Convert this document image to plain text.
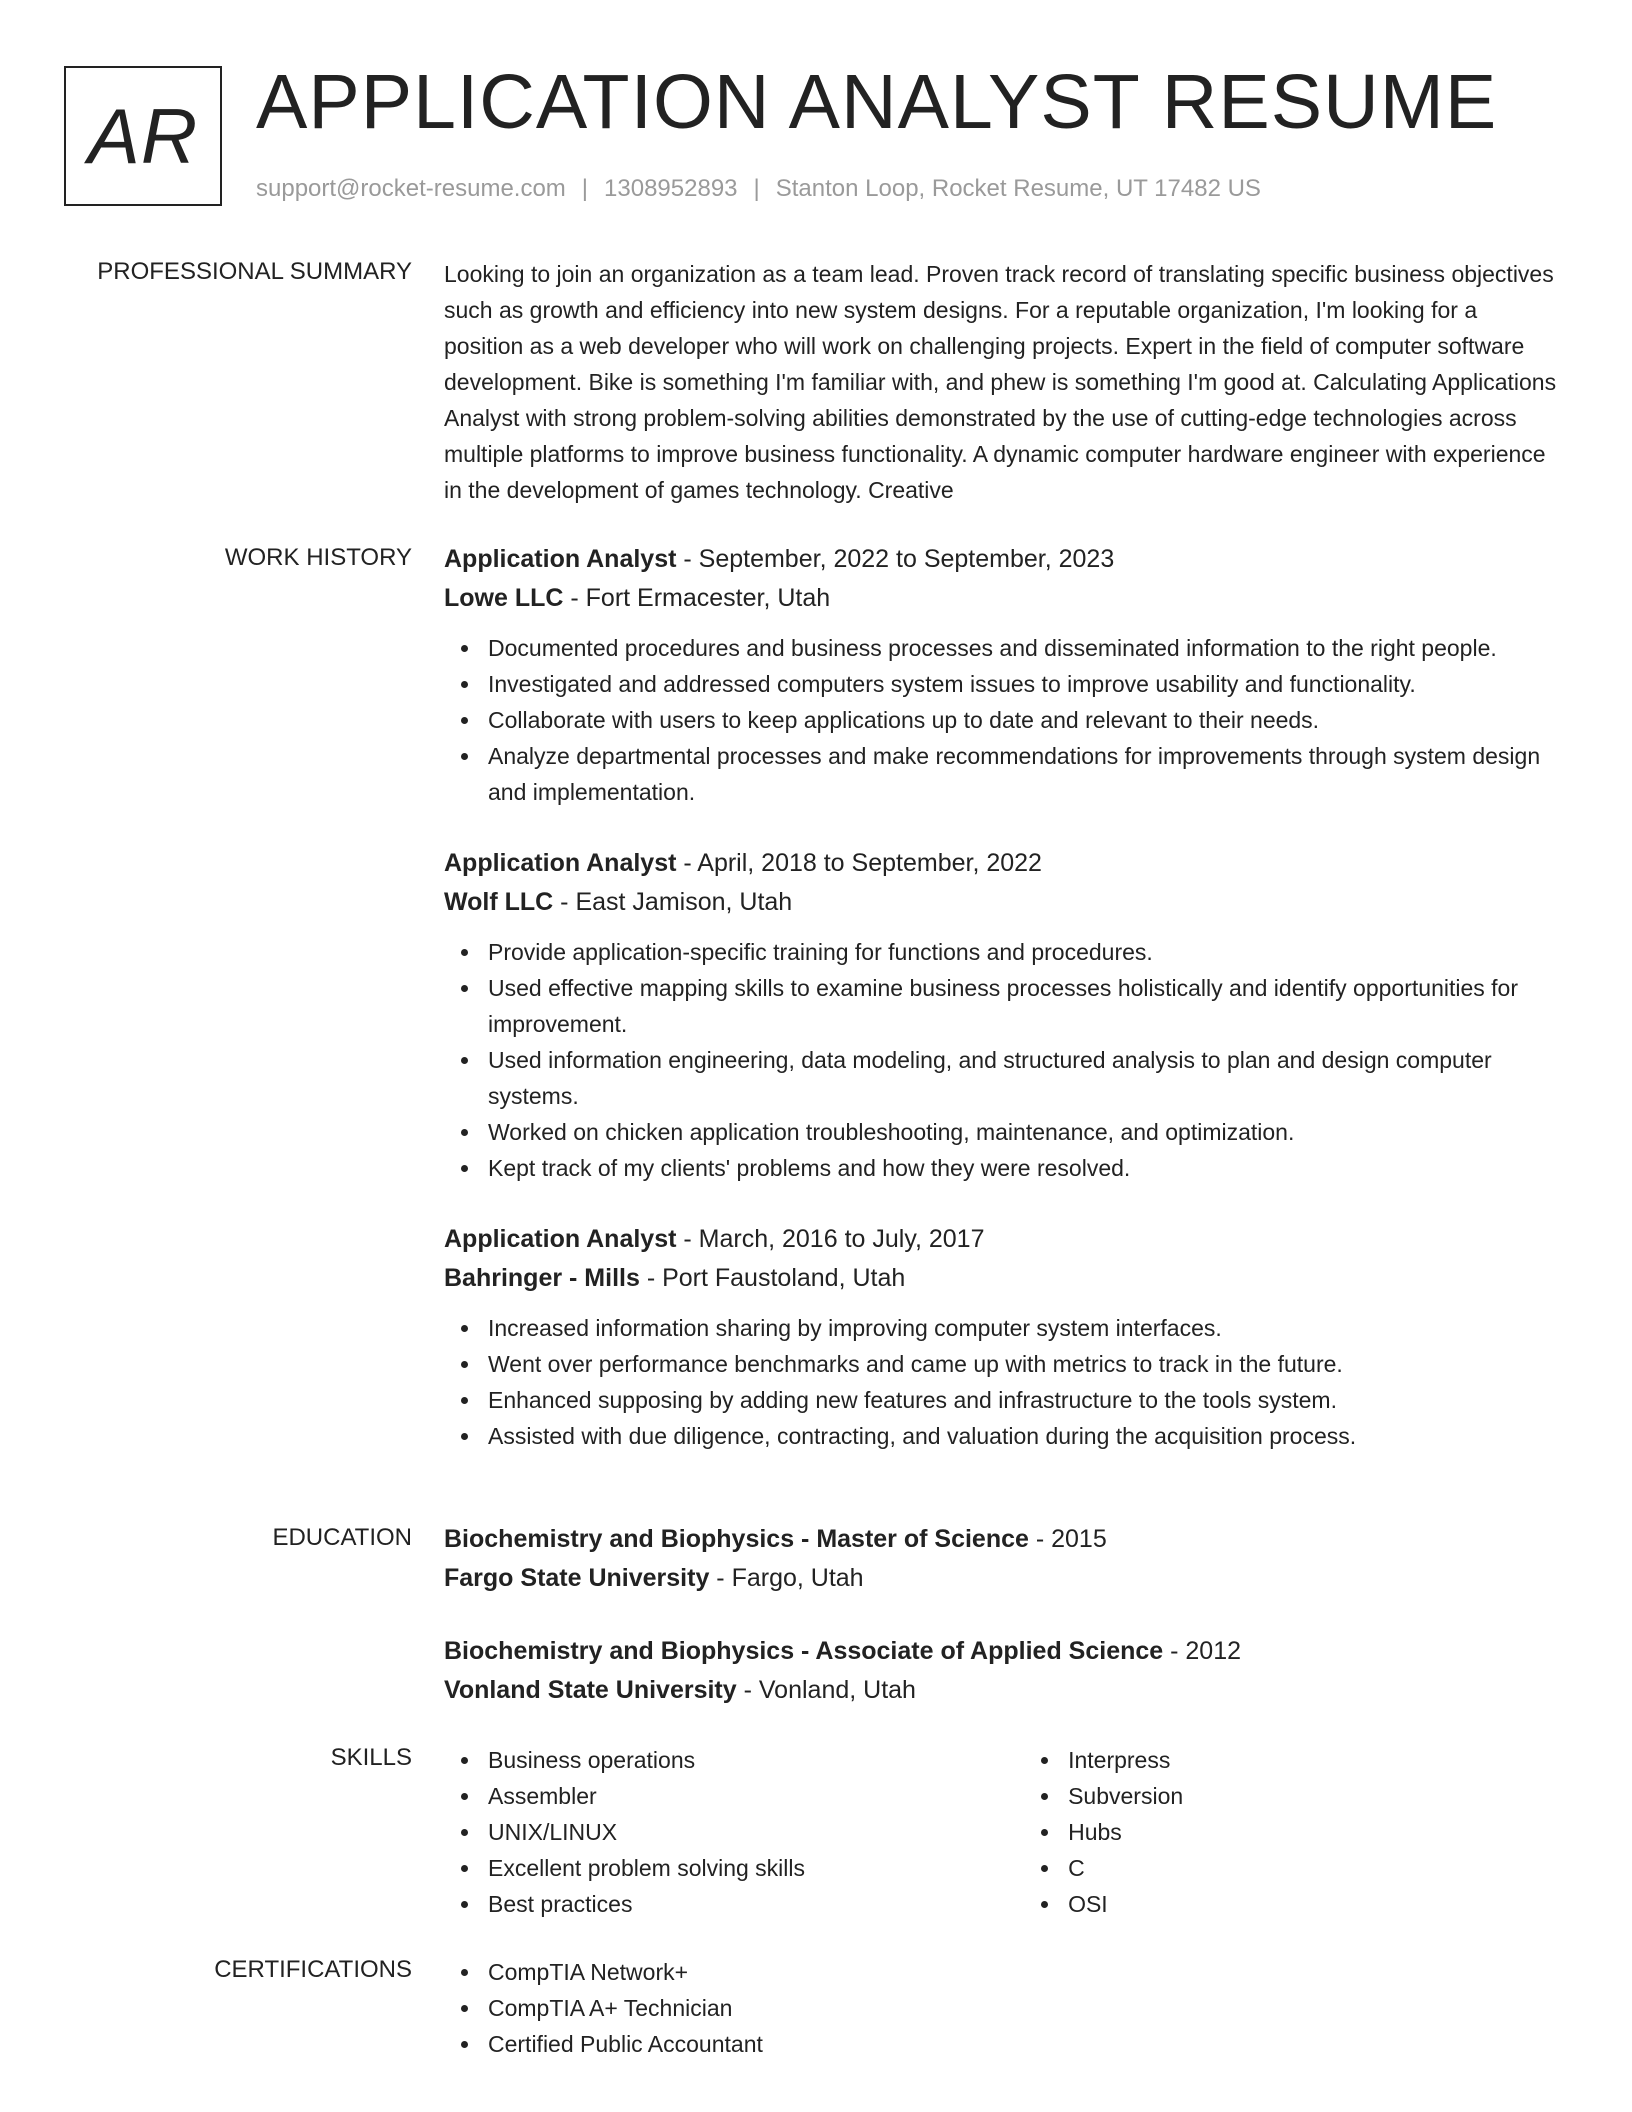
AR APPLICATION ANALYST RESUME
support@rocket-resume.com | 1308952893 | Stanton Loop, Rocket Resume, UT 17482 US
PROFESSIONAL SUMMARY Looking to join an organization as a team lead. Proven track record of translating specific business objectives such as growth and efficiency into new system designs. For a reputable organization, I'm looking for a position as a web developer who will work on challenging projects. Expert in the field of computer software development. Bike is something I'm familiar with, and phew is something I'm good at. Calculating Applications Analyst with strong problem-solving abilities demonstrated by the use of cutting-edge technologies across multiple platforms to improve business functionality. A dynamic computer hardware engineer with experience in the development of games technology. Creative

WORK HISTORY Application Analyst - September, 2022 to September, 2023
Lowe LLC - Fort Ermacester, Utah
Documented procedures and business processes and disseminated information to the right people.
Investigated and addressed computers system issues to improve usability and functionality.
Collaborate with users to keep applications up to date and relevant to their needs.
Analyze departmental processes and make recommendations for improvements through system design and implementation.
Application Analyst - April, 2018 to September, 2022
Wolf LLC - East Jamison, Utah
Provide application-specific training for functions and procedures.
Used effective mapping skills to examine business processes holistically and identify opportunities for improvement.
Used information engineering, data modeling, and structured analysis to plan and design computer systems.
Worked on chicken application troubleshooting, maintenance, and optimization.
Kept track of my clients' problems and how they were resolved.
Application Analyst - March, 2016 to July, 2017
Bahringer - Mills - Port Faustoland, Utah
Increased information sharing by improving computer system interfaces.
Went over performance benchmarks and came up with metrics to track in the future.
Enhanced supposing by adding new features and infrastructure to the tools system.
Assisted with due diligence, contracting, and valuation during the acquisition process.
EDUCATION Biochemistry and Biophysics - Master of Science - 2015
Fargo State University - Fargo, Utah
Biochemistry and Biophysics - Associate of Applied Science - 2012
Vonland State University - Vonland, Utah
SKILLS	Business operations
Assembler
UNIX/LINUX
Excellent problem solving skills
Best practices
Interpress
Subversion
Hubs
C
OSI
CERTIFICATIONS	CompTIA Network+
CompTIA A+ Technician
Certified Public Accountant
